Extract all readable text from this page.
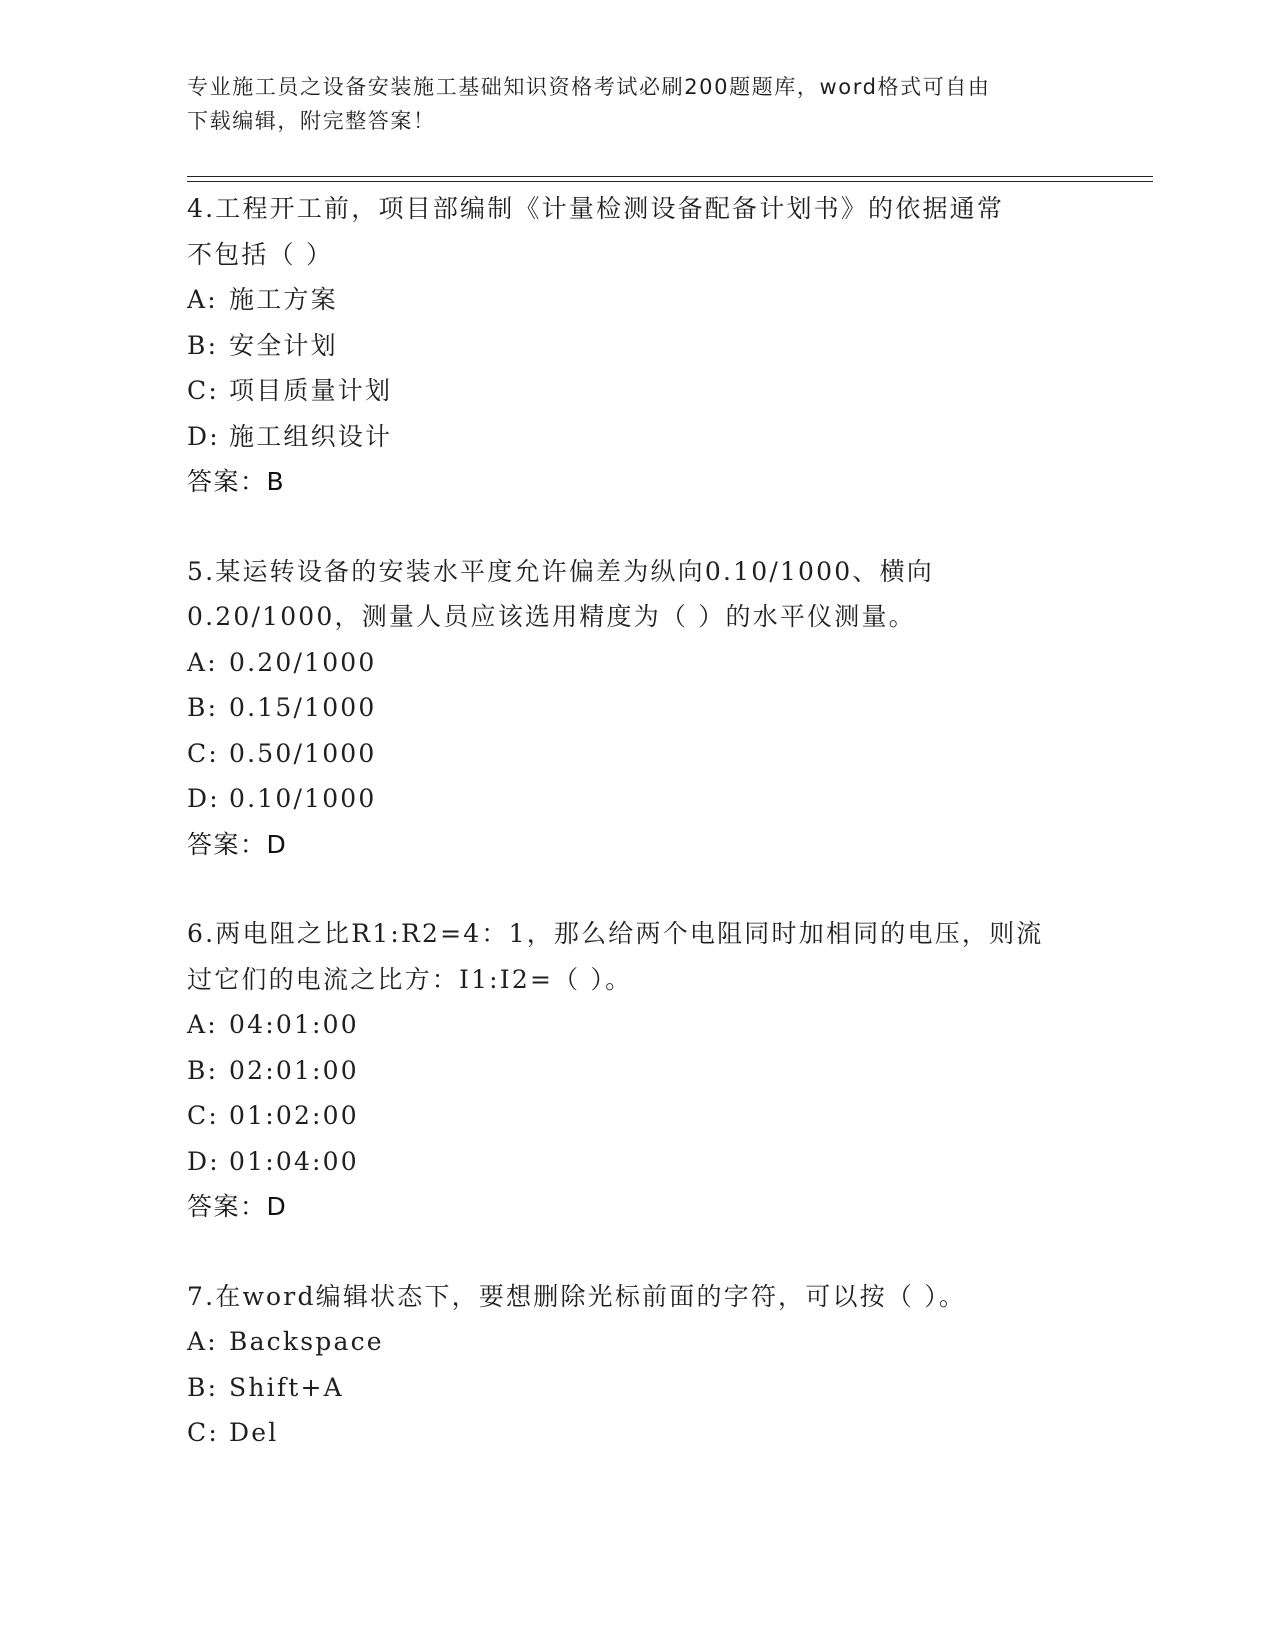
专业施工员之设备安装施工基础知识资格考试必刷200题题库，word格式可自由
下载编辑，附完整答案！
4.工程开工前，项目部编制《计量检测设备配备计划书》的依据通常
不包括（ ）
A: 施工方案
B: 安全计划
C: 项目质量计划
D: 施工组织设计
答案：B
5.某运转设备的安装水平度允许偏差为纵向0.10/1000、横向
0.20/1000，测量人员应该选用精度为（ ）的水平仪测量。
A: 0.20/1000
B: 0.15/1000
C: 0.50/1000
D: 0.10/1000
答案：D
6.两电阻之比R1:R2=4：1，那么给两个电阻同时加相同的电压，则流
过它们的电流之比方：I1:I2=（ ）。
A: 04:01:00
B: 02:01:00
C: 01:02:00
D: 01:04:00
答案：D
7.在word编辑状态下，要想删除光标前面的字符，可以按（ ）。
A: Backspace
B: Shift+A
C: Del
